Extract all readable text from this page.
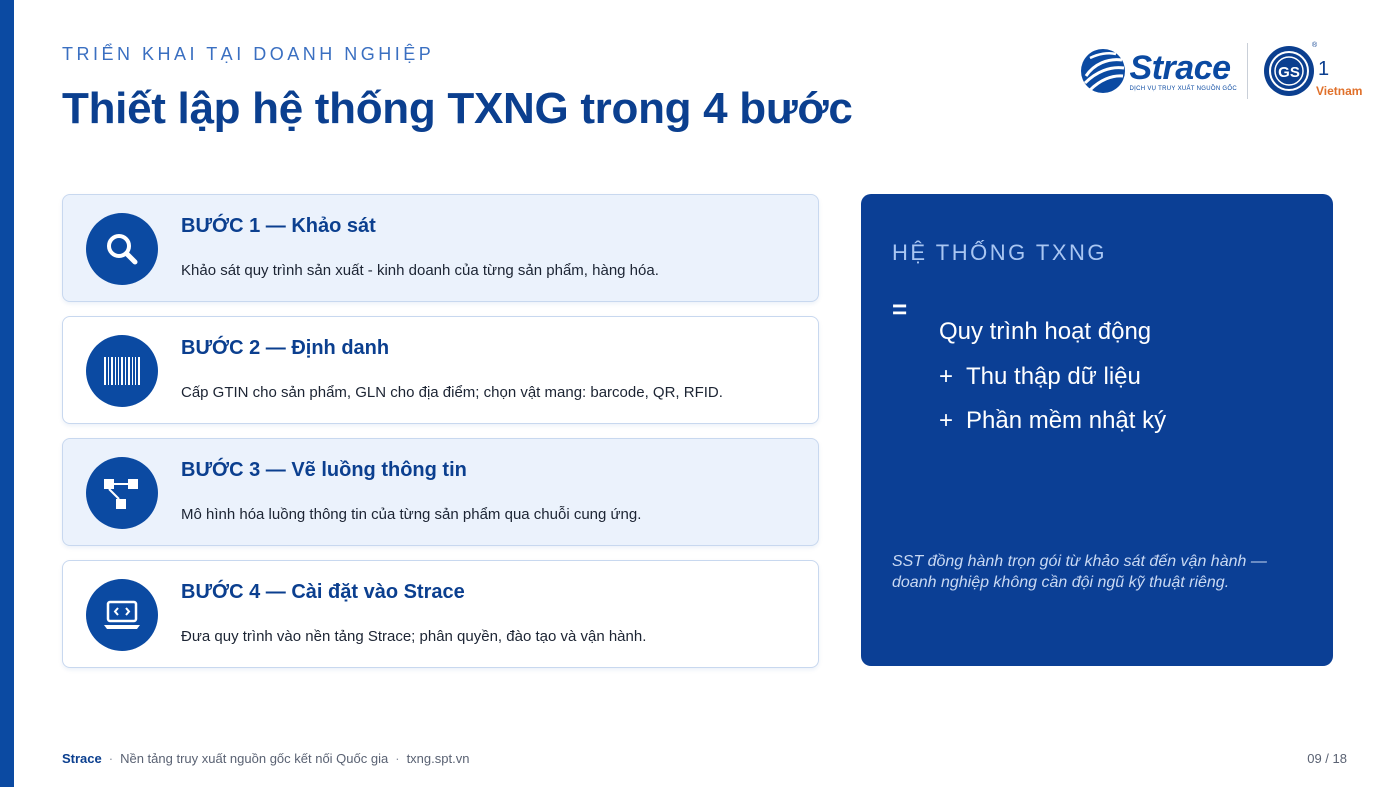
TRIỂN KHAI TẠI DOANH NGHIỆP
Thiết lập hệ thống TXNG trong 4 bước
Strace
DỊCH VỤ TRUY XUẤT NGUỒN GỐC
GS
®
1
Vietnam
BƯỚC 1 — Khảo sát
Khảo sát quy trình sản xuất - kinh doanh của từng sản phẩm, hàng hóa.
BƯỚC 2 — Định danh
Cấp GTIN cho sản phẩm, GLN cho địa điểm; chọn vật mang: barcode, QR, RFID.
BƯỚC 3 — Vẽ luồng thông tin
Mô hình hóa luồng thông tin của từng sản phẩm qua chuỗi cung ứng.
BƯỚC 4 — Cài đặt vào Strace
Đưa quy trình vào nền tảng Strace; phân quyền, đào tạo và vận hành.
HỆ THỐNG TXNG
=
Quy trình hoạt động
+ Thu thập dữ liệu
+ Phần mềm nhật ký
SST đồng hành trọn gói từ khảo sát đến vận hành — doanh nghiệp không cần đội ngũ kỹ thuật riêng.
Strace · Nền tảng truy xuất nguồn gốc kết nối Quốc gia · txng.spt.vn	09 / 18
